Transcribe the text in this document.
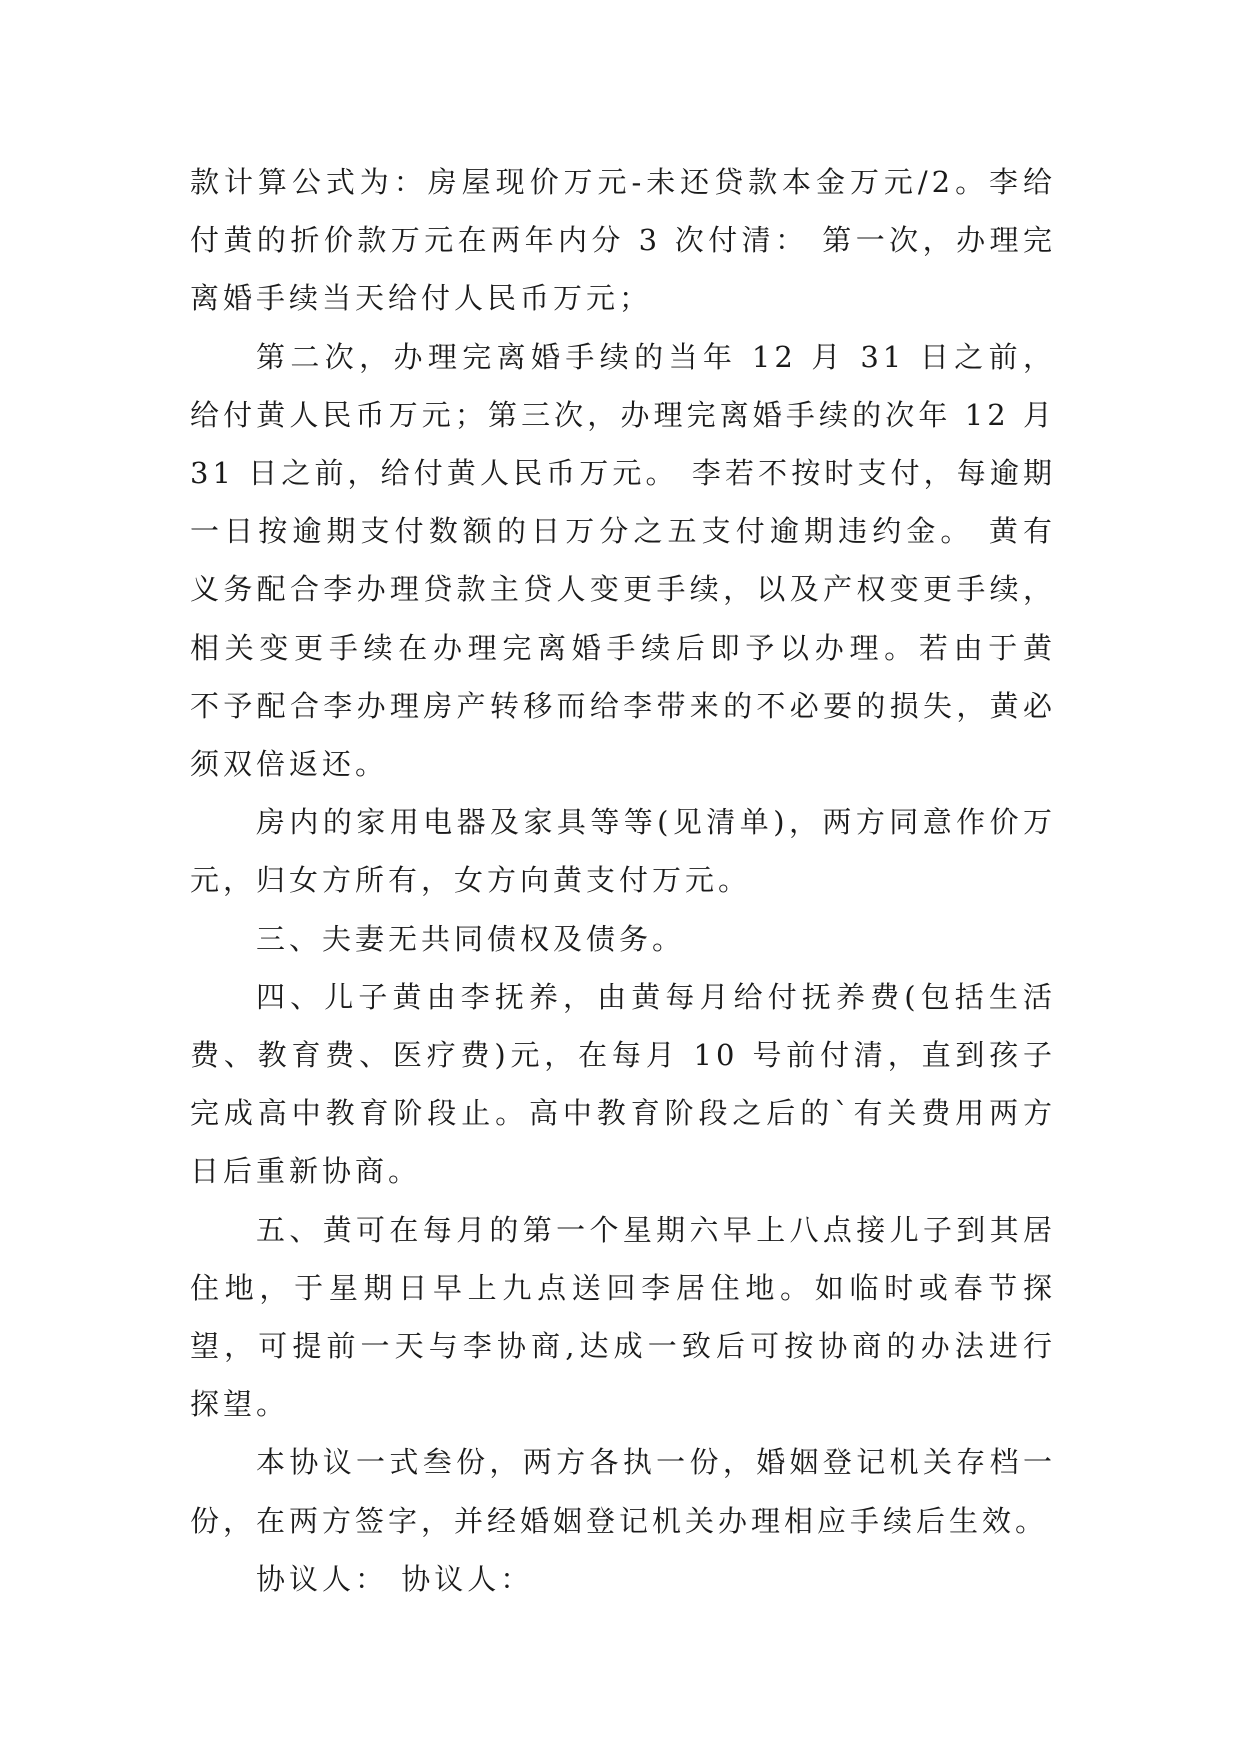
款计算公式为：房屋现价万元-未还贷款本金万元/2。李给付黄的折价款万元在两年内分 3 次付清： 第一次，办理完离婚手续当天给付人民币万元；

第二次，办理完离婚手续的当年 12 月 31 日之前，给付黄人民币万元；第三次，办理完离婚手续的次年 12 月 31 日之前，给付黄人民币万元。 李若不按时支付，每逾期一日按逾期支付数额的日万分之五支付逾期违约金。 黄有义务配合李办理贷款主贷人变更手续，以及产权变更手续，相关变更手续在办理完离婚手续后即予以办理。若由于黄 不予配合李办理房产转移而给李带来的不必要的损失，黄必须双倍返还。

房内的家用电器及家具等等(见清单)，两方同意作价万元，归女方所有，女方向黄支付万元。

三、夫妻无共同债权及债务。

四、儿子黄由李抚养，由黄每月给付抚养费(包括生活费、教育费、医疗费)元，在每月 10 号前付清，直到孩子完成高中教育阶段止。高中教育阶段之后的`有关费用两方日后重新协商。

五、黄可在每月的第一个星期六早上八点接儿子到其居住地，于星期日早上九点送回李居住地。如临时或春节探望，可提前一天与李协商,达成一致后可按协商的办法进行探望。

本协议一式叁份，两方各执一份，婚姻登记机关存档一份，在两方签字，并经婚姻登记机关办理相应手续后生效。

协议人： 协议人：
